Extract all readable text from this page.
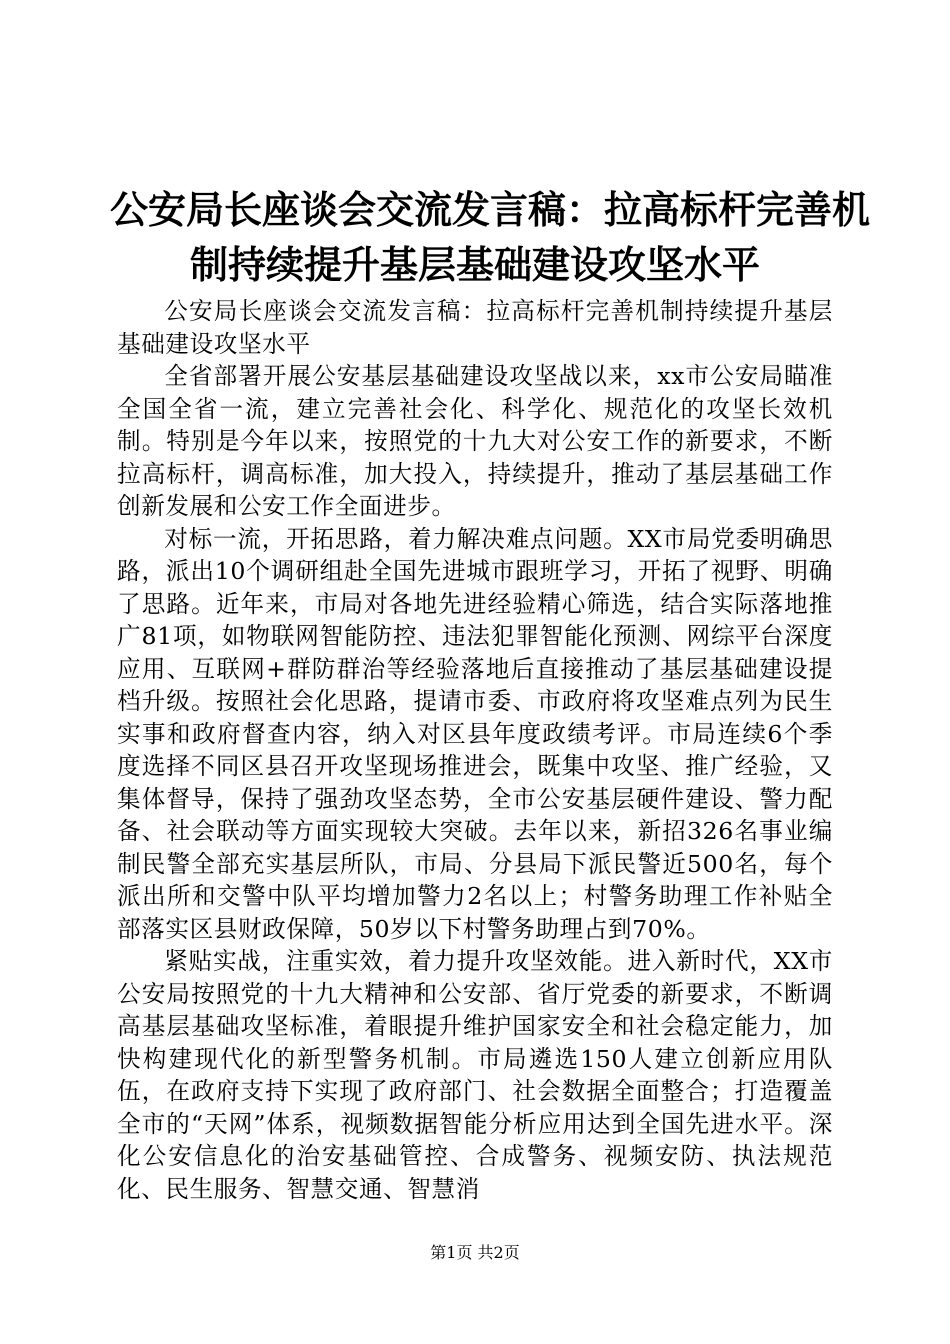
公安局长座谈会交流发言稿：拉高标杆完善机
制持续提升基层基础建设攻坚水平

公安局长座谈会交流发言稿：拉高标杆完善机制持续提升基层基础建设攻坚水平

全省部署开展公安基层基础建设攻坚战以来，xx市公安局瞄准全国全省一流，建立完善社会化、科学化、规范化的攻坚长效机制。特别是今年以来，按照党的十九大对公安工作的新要求，不断拉高标杆，调高标准，加大投入，持续提升，推动了基层基础工作创新发展和公安工作全面进步。

对标一流，开拓思路，着力解决难点问题。XX市局党委明确思路，派出10个调研组赴全国先进城市跟班学习，开拓了视野、明确了思路。近年来，市局对各地先进经验精心筛选，结合实际落地推广81项，如物联网智能防控、违法犯罪智能化预测、网综平台深度应用、互联网+群防群治等经验落地后直接推动了基层基础建设提档升级。按照社会化思路，提请市委、市政府将攻坚难点列为民生实事和政府督查内容，纳入对区县年度政绩考评。市局连续6个季度选择不同区县召开攻坚现场推进会，既集中攻坚、推广经验，又集体督导，保持了强劲攻坚态势，全市公安基层硬件建设、警力配备、社会联动等方面实现较大突破。去年以来，新招326名事业编制民警全部充实基层所队，市局、分县局下派民警近500名，每个派出所和交警中队平均增加警力2名以上；村警务助理工作补贴全部落实区县财政保障，50岁以下村警务助理占到70%。

紧贴实战，注重实效，着力提升攻坚效能。进入新时代，XX市公安局按照党的十九大精神和公安部、省厅党委的新要求，不断调高基层基础攻坚标准，着眼提升维护国家安全和社会稳定能力，加快构建现代化的新型警务机制。市局遴选150人建立创新应用队伍，在政府支持下实现了政府部门、社会数据全面整合；打造覆盖全市的“天网”体系，视频数据智能分析应用达到全国先进水平。深化公安信息化的治安基础管控、合成警务、视频安防、执法规范化、民生服务、智慧交通、智慧消

第1页 共2页
